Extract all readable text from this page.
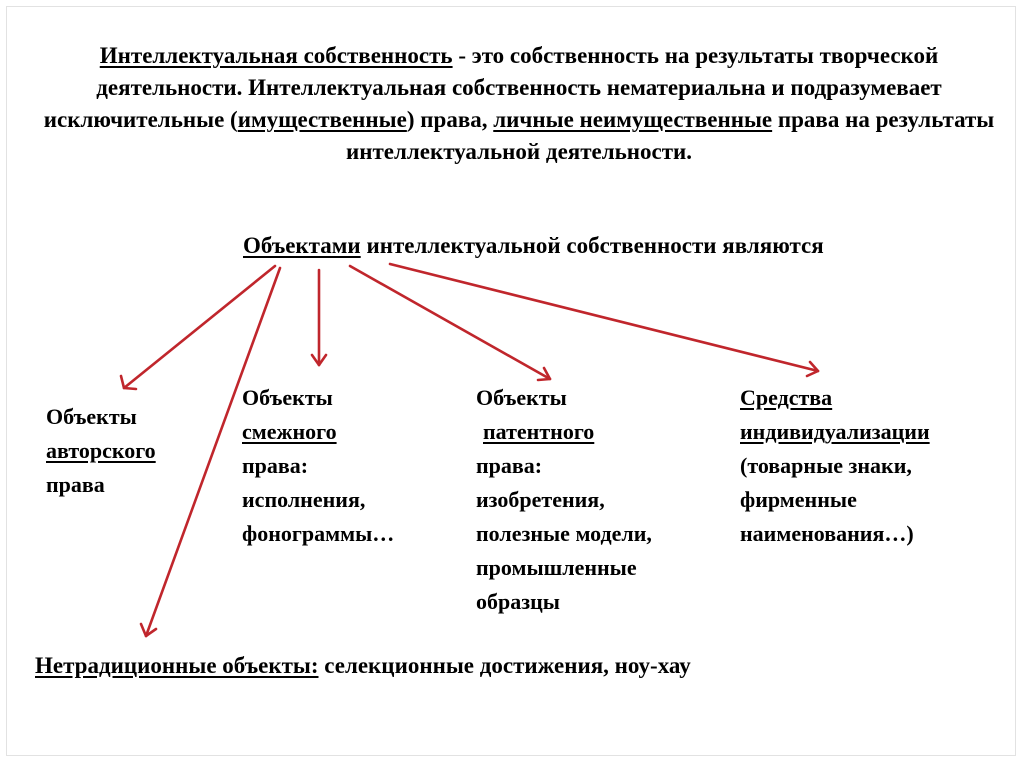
Интеллектуальная собственность - это собственность на результаты творческой деятельности. Интеллектуальная собственность нематериальна и подразумевает исключительные (имущественные) права, личные неимущественные права на результаты интеллектуальной деятельности.
Объектами интеллектуальной собственности являются
Объекты
авторского
права
Объекты
смежного
права:
исполнения,
фонограммы…
Объекты
патентного
права:
изобретения,
полезные модели,
промышленные
образцы
Средства
индивидуализации
(товарные знаки,
фирменные
наименования…)
Нетрадиционные объекты: селекционные достижения, ноу-хау
